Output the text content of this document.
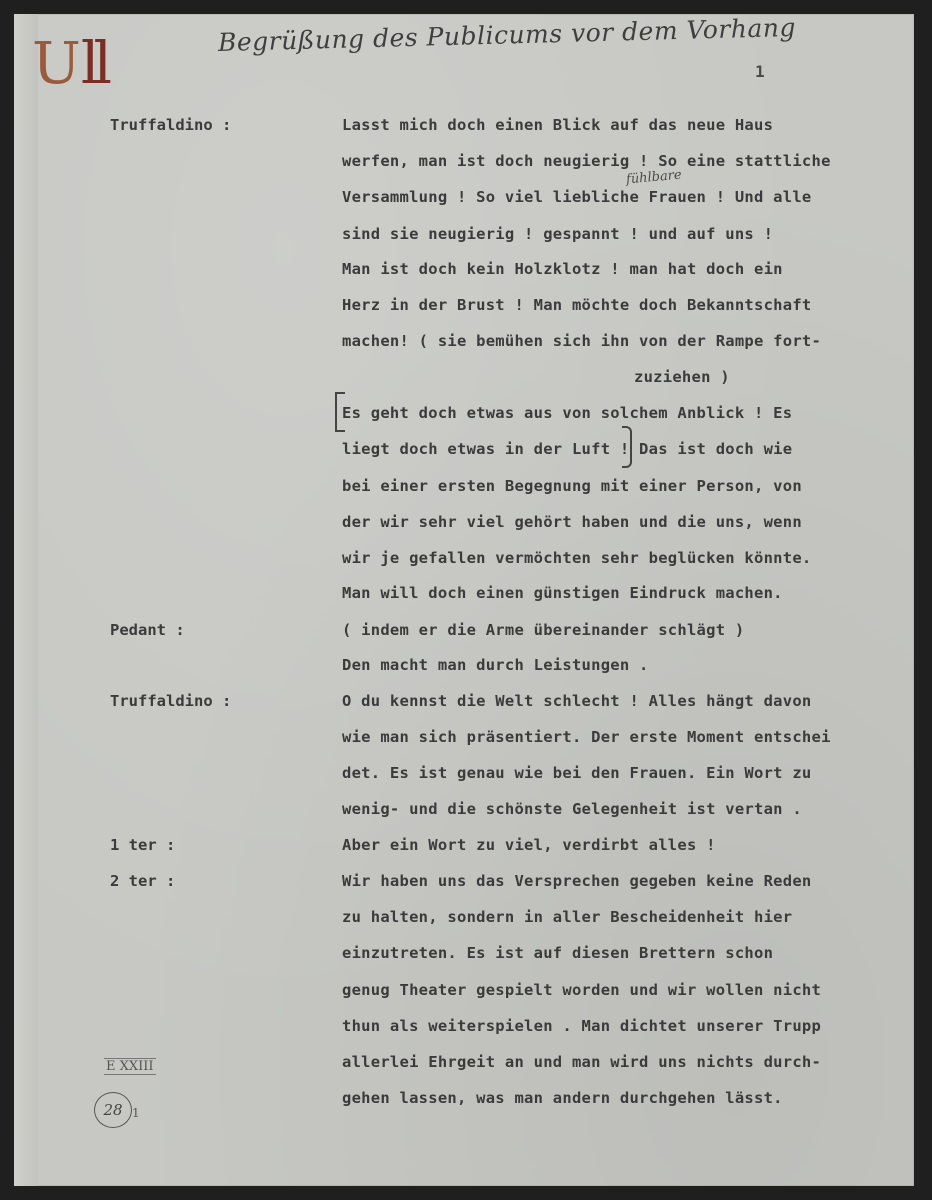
Ull	Begrüßung des Publicums vor dem Vorhang
1
fühlbare
Truffaldino :	Lasst mich doch einen Blick auf das neue Haus
werfen, man ist doch neugierig ! So eine stattliche
Versammlung ! So viel liebliche Frauen ! Und alle
sind sie neugierig ! gespannt ! und auf uns !
Man ist doch kein Holzklotz ! man hat doch ein
Herz in der Brust ! Man möchte doch Bekanntschaft
machen! ( sie bemühen sich ihn von der Rampe fort-
zuziehen )
Es geht doch etwas aus von solchem Anblick ! Es
liegt doch etwas in der Luft ! Das ist doch wie
bei einer ersten Begegnung mit einer Person, von
der wir sehr viel gehört haben und die uns, wenn
wir je gefallen vermöchten sehr beglücken könnte.
Man will doch einen günstigen Eindruck machen.
Pedant :	( indem er die Arme übereinander schlägt )
Den macht man durch Leistungen .
Truffaldino :	O du kennst die Welt schlecht ! Alles hängt davon
wie man sich präsentiert. Der erste Moment entschei
det. Es ist genau wie bei den Frauen. Ein Wort zu
wenig- und die schönste Gelegenheit ist vertan .
1 ter :	Aber ein Wort zu viel, verdirbt alles !
2 ter :	Wir haben uns das Versprechen gegeben keine Reden
zu halten, sondern in aller Bescheidenheit hier
einzutreten. Es ist auf diesen Brettern schon
genug Theater gespielt worden und wir wollen nicht
thun als weiterspielen . Man dichtet unserer Trupp
allerlei Ehrgeit an und man wird uns nichts durch-
gehen lassen, was man andern durchgehen lässt.
E XXIII
28 1
